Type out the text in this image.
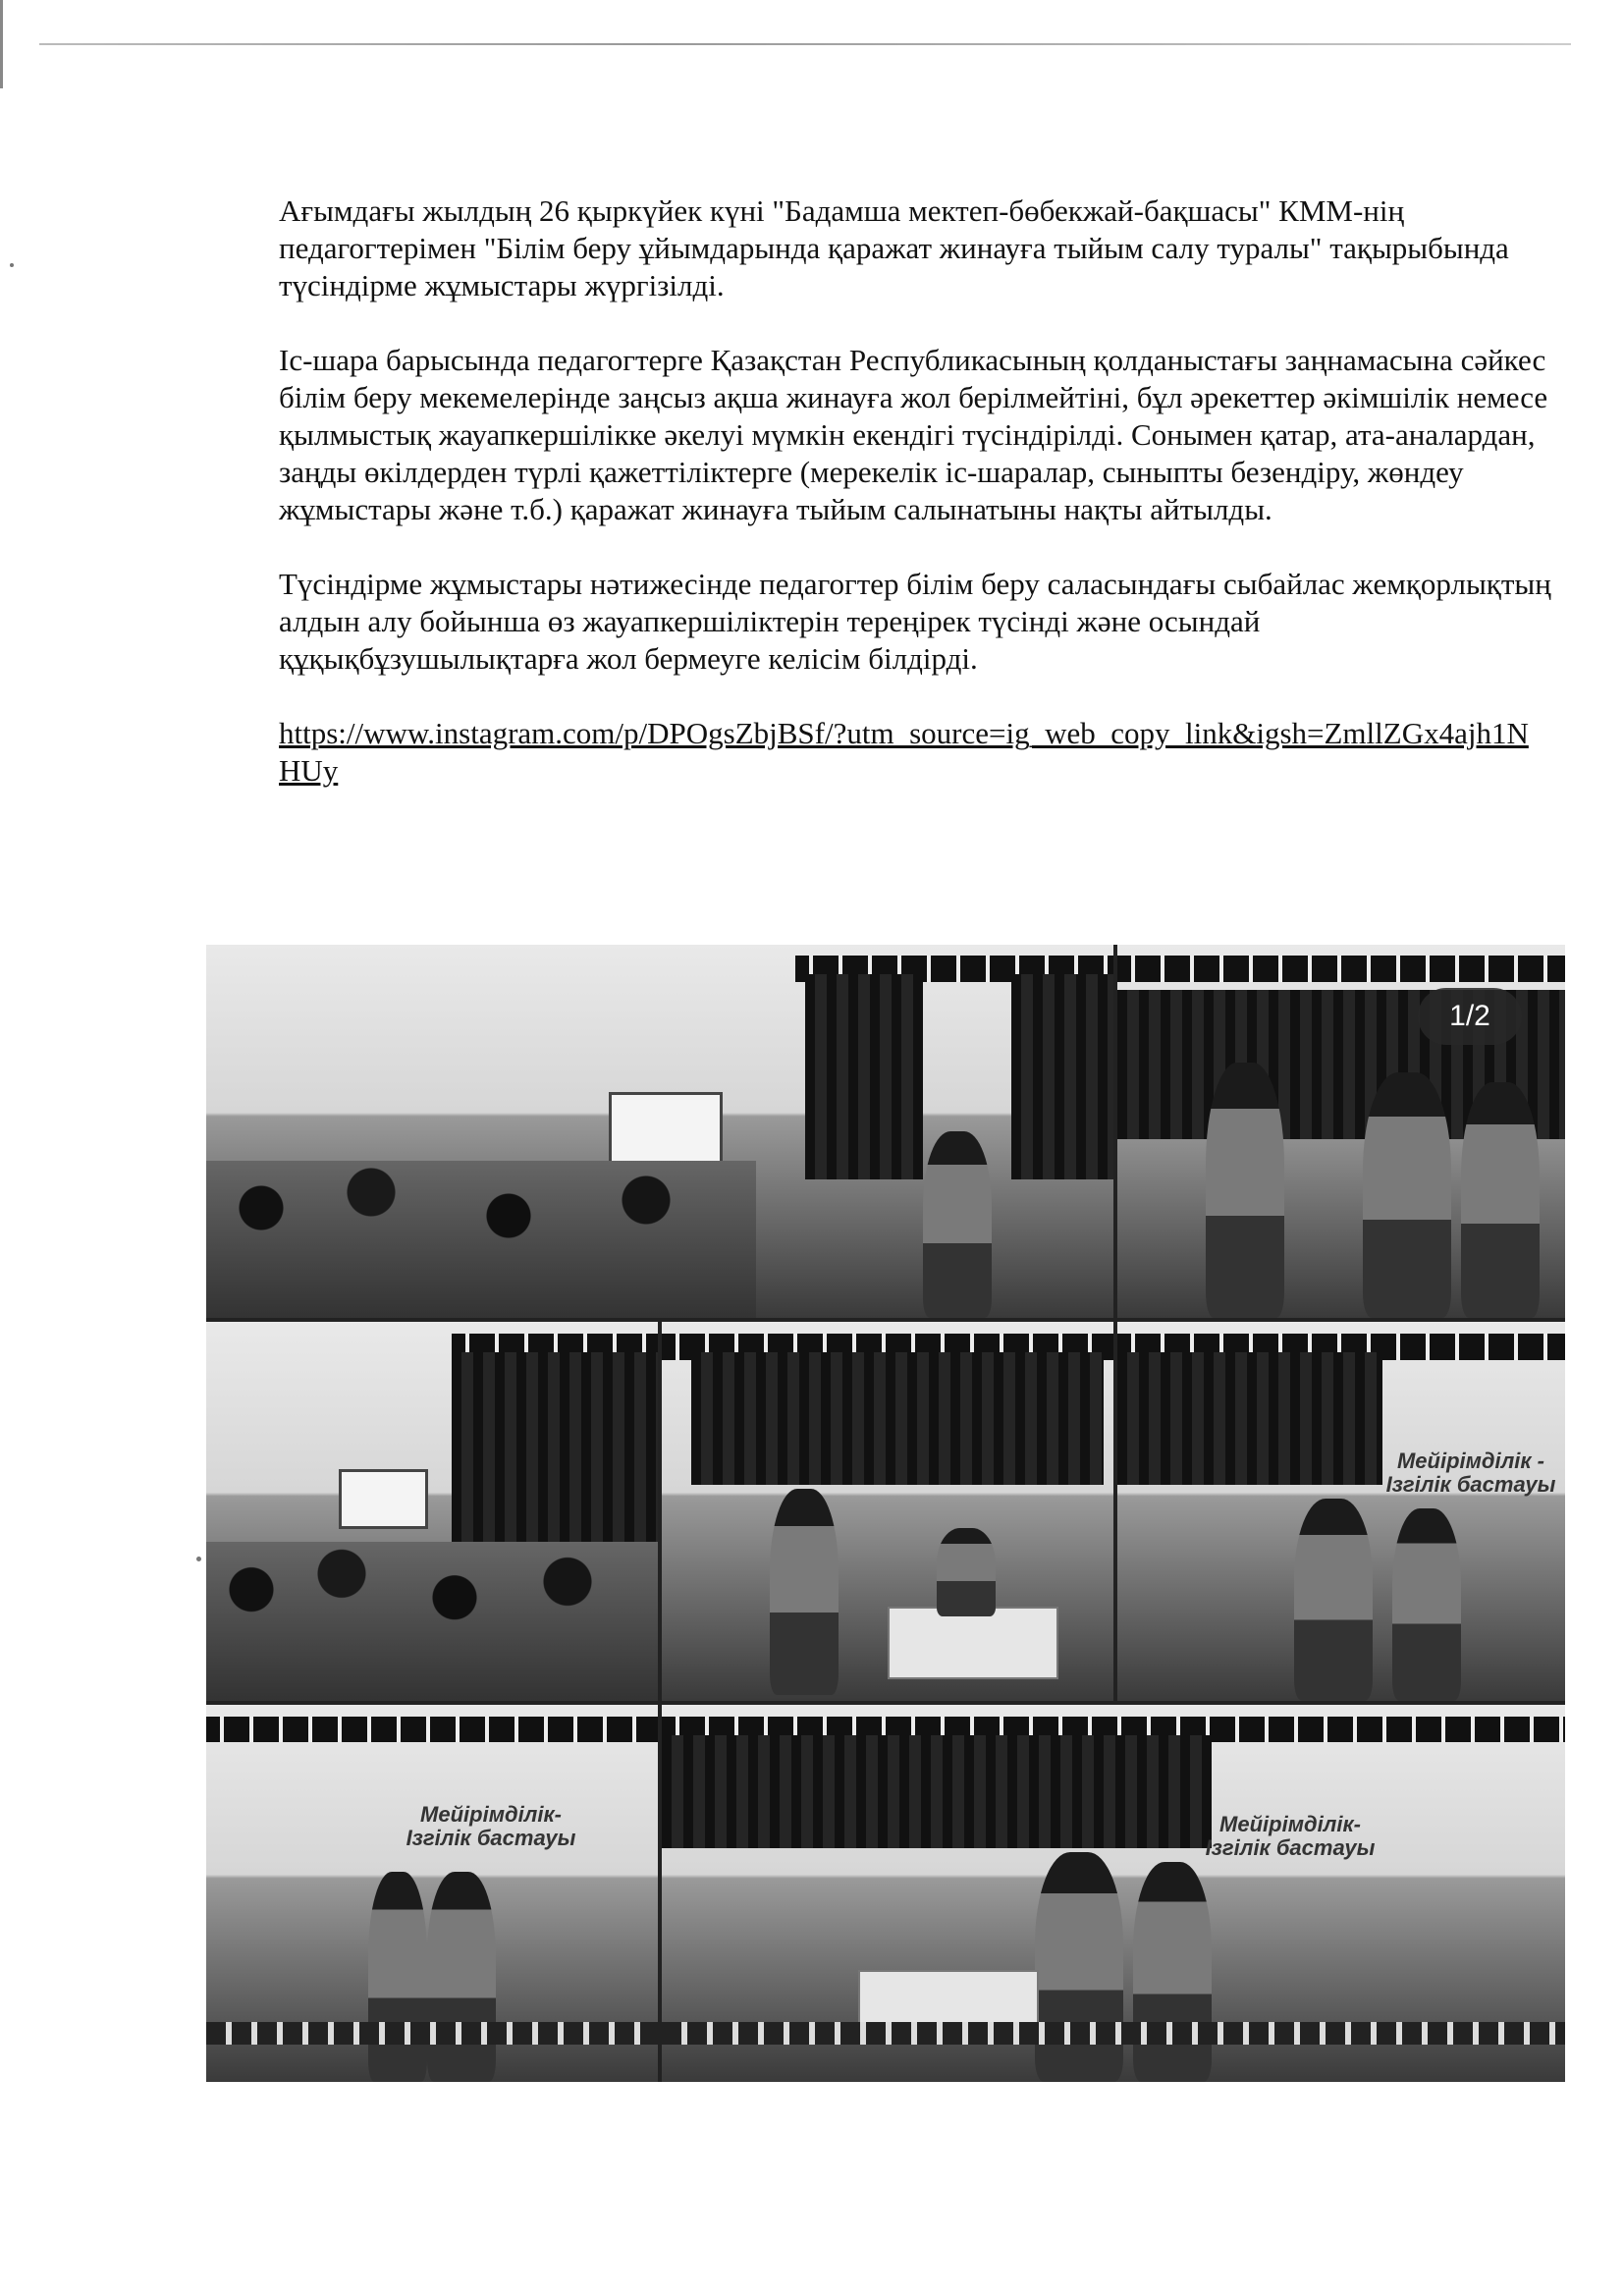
Ағымдағы жылдың 26 қыркүйек күні "Бадамша мектеп-бөбекжай-бақшасы" КММ-нің педагогтерімен "Білім беру ұйымдарында қаражат жинауға тыйым салу туралы" тақырыбында түсіндірме жұмыстары жүргізілді.

Іс-шара барысында педагогтерге Қазақстан Республикасының қолданыстағы заңнамасына сәйкес білім беру мекемелерінде заңсыз ақша жинауға жол берілмейтіні, бұл әрекеттер әкімшілік немесе қылмыстық жауапкершілікке әкелуі мүмкін екендігі түсіндірілді. Сонымен қатар, ата-аналардан, заңды өкілдерден түрлі қажеттіліктерге (мерекелік іс-шаралар, сыныпты безендіру, жөндеу жұмыстары және т.б.) қаражат жинауға тыйым салынатыны нақты айтылды.

Түсіндірме жұмыстары нәтижесінде педагогтер білім беру саласындағы сыбайлас жемқорлықтың алдын алу бойынша өз жауапкершіліктерін тереңірек түсінді және осындай құқықбұзушылықтарға жол бермеуге келісім білдірді.

https://www.instagram.com/p/DPOgsZbjBSf/?utm_source=ig_web_copy_link&igsh=ZmllZGx4ajh1NHUy
1/2
Мейірімділік -
Ізгілік бастауы
Мейірімділік-
Ізгілік бастауы
Мейірімділік-
Ізгілік бастауы
